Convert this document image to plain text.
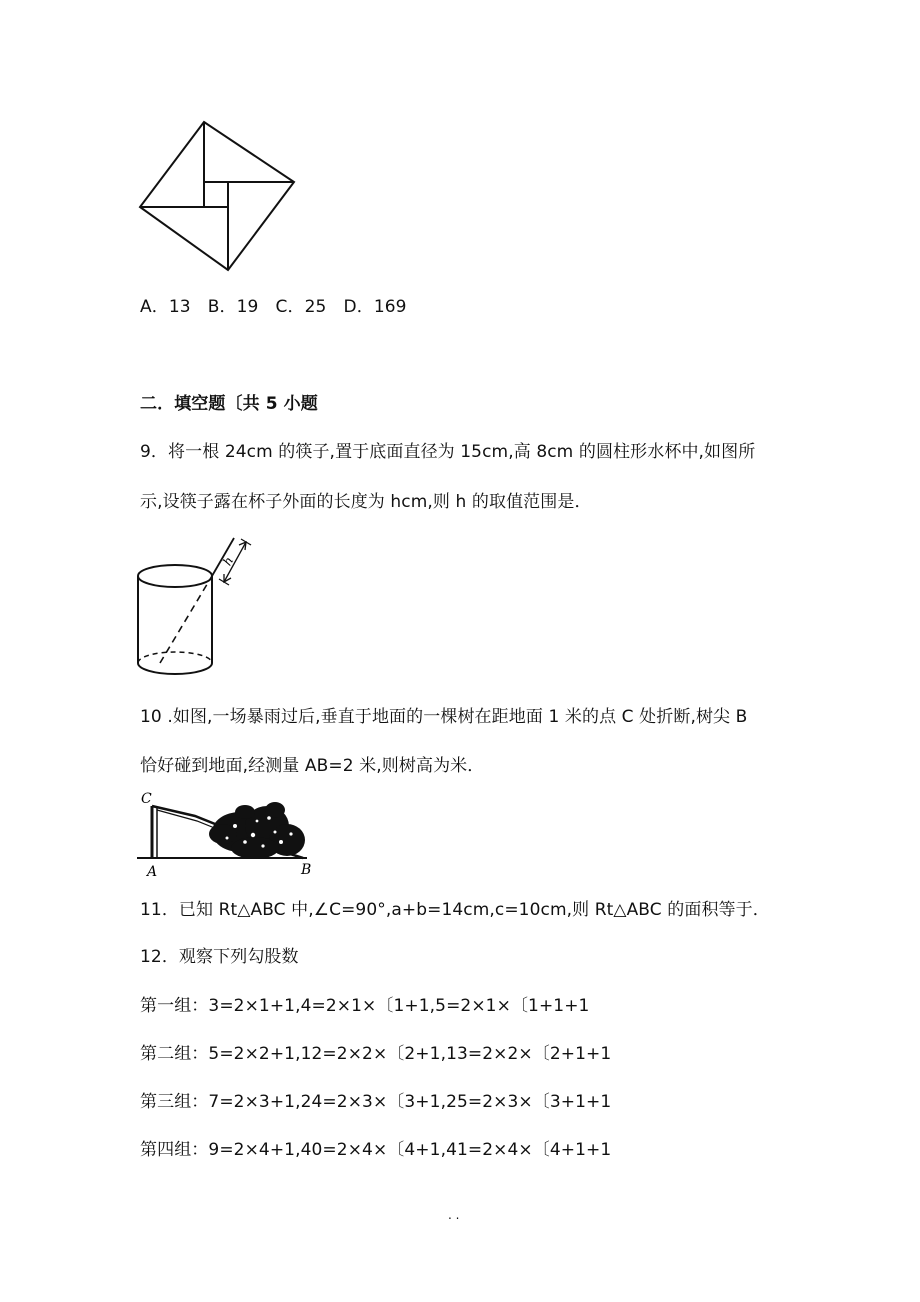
A．13　B．19　C．25　D．169

二．填空题〔共 5 小题

9．将一根 24cm 的筷子,置于底面直径为 15cm,高 8cm 的圆柱形水杯中,如图所

示,设筷子露在杯子外面的长度为 hcm,则 h 的取值范围是．

h

10 .如图,一场暴雨过后,垂直于地面的一棵树在距地面 1 米的点 C 处折断,树尖 B

恰好碰到地面,经测量 AB=2 米,则树高为米．

C
A	B

11．已知 Rt△ABC 中,∠C=90°,a+b=14cm,c=10cm,则 Rt△ABC 的面积等于．

12．观察下列勾股数

第一组：3=2×1+1,4=2×1×〔1+1,5=2×1×〔1+1+1

第二组：5=2×2+1,12=2×2×〔2+1,13=2×2×〔2+1+1

第三组：7=2×3+1,24=2×3×〔3+1,25=2×3×〔3+1+1

第四组：9=2×4+1,40=2×4×〔4+1,41=2×4×〔4+1+1

. .
